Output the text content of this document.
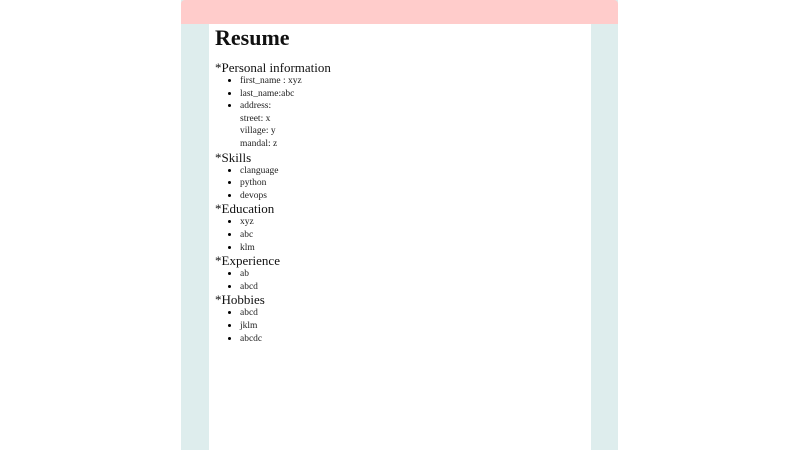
Resume
*Personal information
• first_name : xyz
• last_name:abc
• address:
street: x
village: y
mandal: z
*Skills
• clanguage
• python
• devops
*Education
• xyz
• abc
• klm
*Experience
• ab
• abcd
*Hobbies
• abcd
• jklm
• abcdc
